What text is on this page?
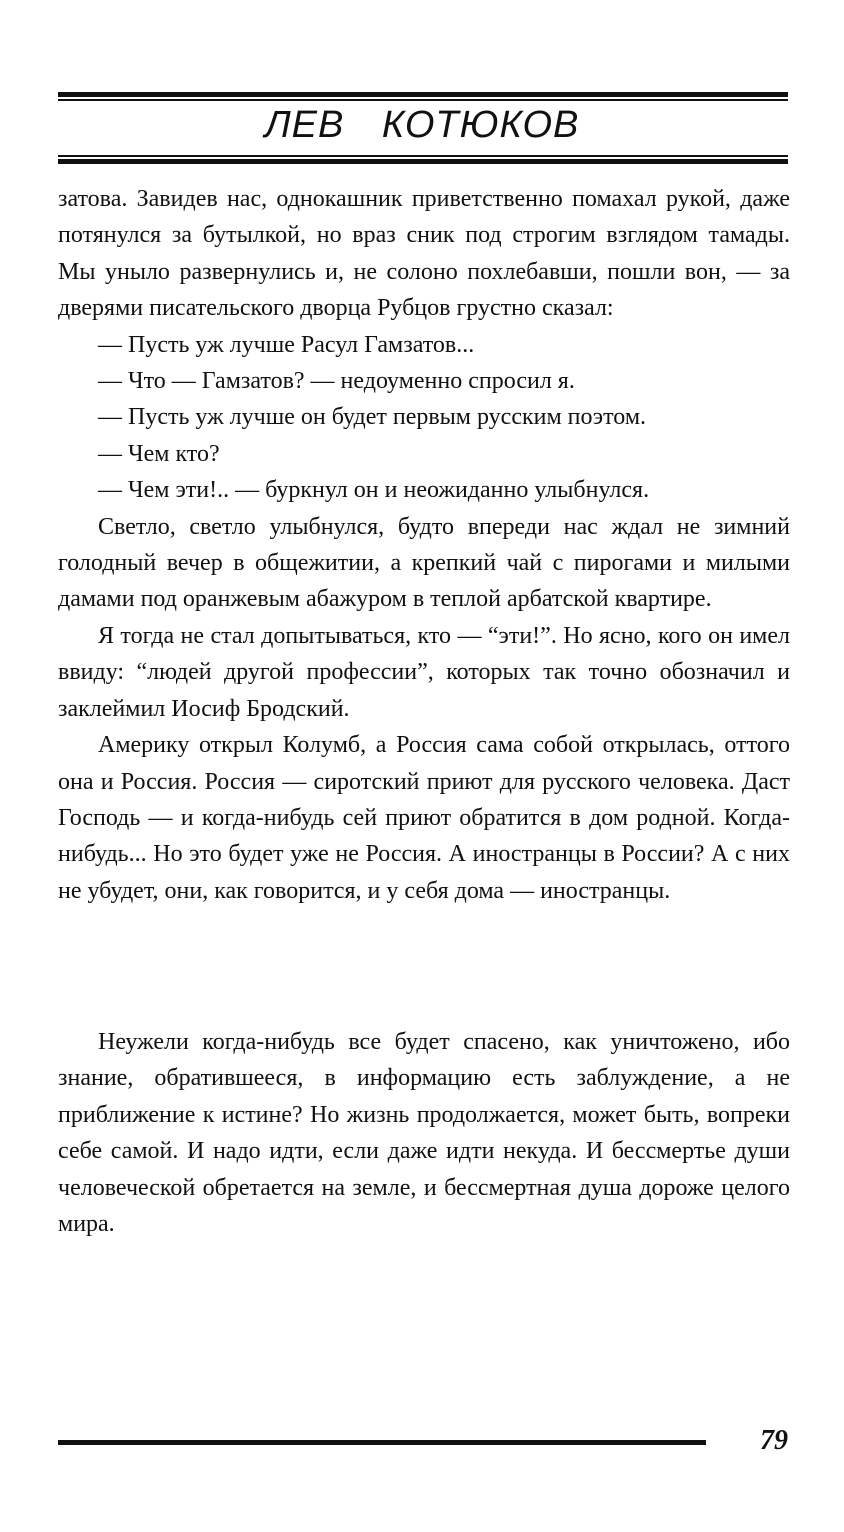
ЛЕВ КОТЮКОВ

затова. Завидев нас, однокашник приветственно помахал рукой, даже потянулся за бутылкой, но враз сник под строгим взглядом тамады. Мы уныло развернулись и, не солоно похлебавши, пошли вон, — за дверями писательского дворца Рубцов грустно сказал:

— Пусть уж лучше Расул Гамзатов...

— Что — Гамзатов? — недоуменно спросил я.

— Пусть уж лучше он будет первым русским поэтом.

— Чем кто?

— Чем эти!.. — буркнул он и неожиданно улыбнулся.

Светло, светло улыбнулся, будто впереди нас ждал не зимний голодный вечер в общежитии, а крепкий чай с пирогами и милыми дамами под оранжевым абажуром в теплой арбатской квартире.

Я тогда не стал допытываться, кто — “эти!”. Но ясно, кого он имел ввиду: “людей другой профессии”, которых так точно обозначил и заклеймил Иосиф Бродский.

Америку открыл Колумб, а Россия сама собой открылась, оттого она и Россия. Россия — сиротский приют для русского человека. Даст Господь — и когда-нибудь сей приют обратится в дом родной. Когда-нибудь... Но это будет уже не Россия. А иностранцы в России? А с них не убудет, они, как говорится, и у себя дома — иностранцы.

Неужели когда-нибудь все будет спасено, как уничтожено, ибо знание, обратившееся, в информацию есть заблуждение, а не приближение к истине? Но жизнь продолжается, может быть, вопреки себе самой. И надо идти, если даже идти некуда. И бессмертье души человеческой обретается на земле, и бессмертная душа дороже целого мира.

79
